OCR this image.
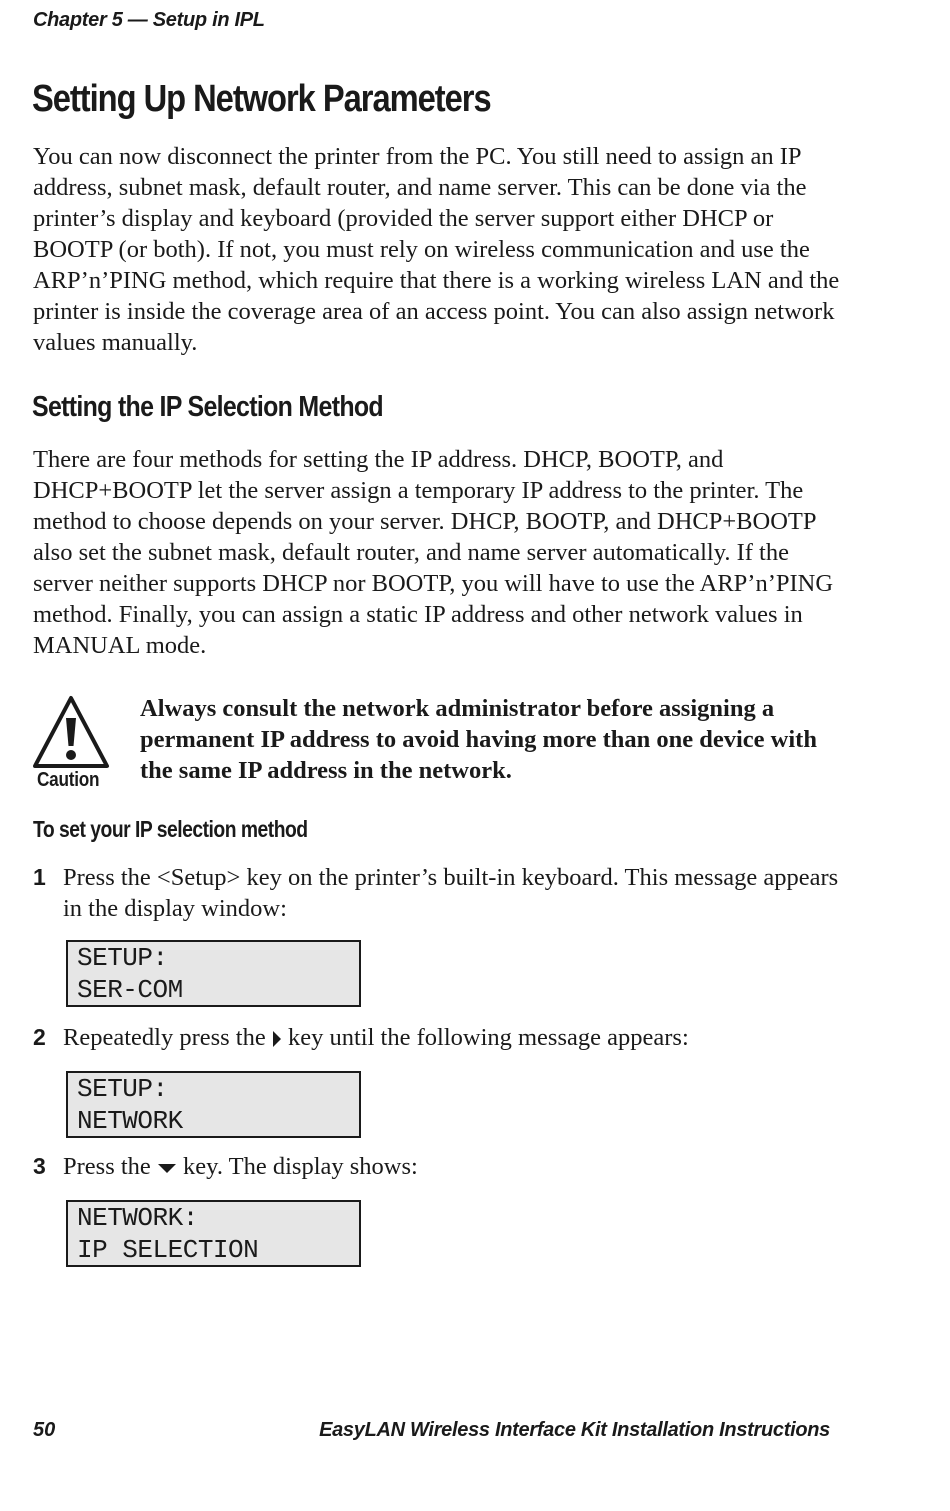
Chapter 5 — Setup in IPL
Setting Up Network Parameters

You can now disconnect the printer from the PC. You still need to assign an IP address, subnet mask, default router, and name server. This can be done via the printer’s display and keyboard (provided the server support either DHCP or BOOTP (or both). If not, you must rely on wireless communication and use the ARP’n’PING method, which require that there is a working wireless LAN and the printer is inside the coverage area of an access point. You can also assign network values manually.

Setting the IP Selection Method

There are four methods for setting the IP address. DHCP, BOOTP, and DHCP+BOOTP let the server assign a temporary IP address to the printer. The method to choose depends on your server. DHCP, BOOTP, and DHCP+BOOTP also set the subnet mask, default router, and name server automatically. If the server neither supports DHCP nor BOOTP, you will have to use the ARP’n’PING method. Finally, you can assign a static IP address and other network values in MANUAL mode.

Caution

Always consult the network administrator before assigning a permanent IP address to avoid having more than one device with the same IP address in the network.

To set your IP selection method
1 Press the <Setup> key on the printer’s built-in keyboard. This message appears in the display window:

SETUP:
SER-COM
2 Repeatedly press the key until the following message appears:

SETUP:
NETWORK
3 Press the key. The display shows:

NETWORK:
IP SELECTION
50	EasyLAN Wireless Interface Kit Installation Instructions
